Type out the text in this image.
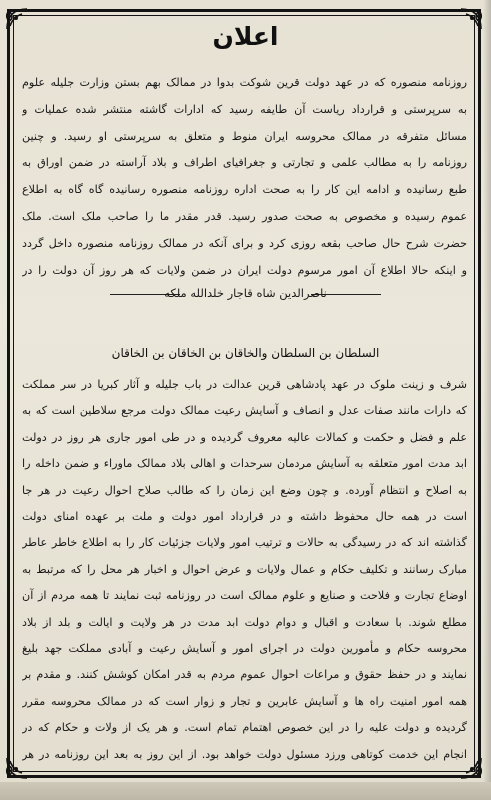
اعلان

روزنامه منصوره که در عهد دولت قرین شوکت بدوا در ممالک بهم بستن وزارت جلیله علوم به سرپرستی و قرارداد ریاست آن طایفه رسید که ادارات گاشته منتشر شده عملیات و مسائل متفرقه در ممالک محروسه ایران منوط و متعلق به سرپرستی او رسید. و چنین روزنامه را به مطالب علمی و تجارتی و جغرافیای اطراف و بلاد آراسته در ضمن اوراق به طبع رسانیده و ادامه این کار را به صحت اداره روزنامه منصوره رسانیده گاه گاه به اطلاع عموم رسیده و مخصوص به صحت صدور رسید. قدر مقدر ما را صاحب ملک است. ملک حضرت شرح حال صاحب بقعه روزی کرد و برای آنکه در ممالک روزنامه منصوره داخل گردد و اینکه حالا اطلاع آن امور مرسوم دولت ایران در ضمن ولایات که هر روز آن دولت را در

ناصرالدین شاه قاجار خلدالله ملکه
السلطان بن السلطان والخاقان بن الخاقان بن الخاقان

شرف و زینت ملوک در عهد پادشاهی قرین عدالت در باب جلیله و آثار کبریا در سر مملکت که دارات مانند صفات عدل و انصاف و آسایش رعیت ممالک دولت مرجع سلاطین است که به علم و فضل و حکمت و کمالات عالیه معروف گردیده و در طی امور جاری هر روز در دولت ابد مدت امور متعلقه به آسایش مردمان سرحدات و اهالی بلاد ممالک ماوراء و ضمن داخله را به اصلاح و انتظام آورده. و چون وضع این زمان را که طالب صلاح احوال رعیت در هر جا است در همه حال محفوظ داشته و در قرارداد امور دولت و ملت بر عهده امنای دولت گذاشته اند که در رسیدگی به حالات و ترتیب امور ولایات جزئیات کار را به اطلاع خاطر عاطر مبارک رسانند و تکلیف حکام و عمال ولایات و عرض احوال و اخبار هر محل را که مرتبط به اوضاع تجارت و فلاحت و صنایع و علوم ممالک است در روزنامه ثبت نمایند تا همه مردم از آن مطلع شوند. با سعادت و اقبال و دوام دولت ابد مدت در هر ولایت و ایالت و بلد از بلاد محروسه حکام و مأمورین دولت در اجرای امور و آسایش رعیت و آبادی مملکت جهد بلیغ نمایند و در حفظ حقوق و مراعات احوال عموم مردم به قدر امکان کوشش کنند. و مقدم بر همه امور امنیت راه ها و آسایش عابرین و تجار و زوار است که در ممالک محروسه مقرر گردیده و دولت علیه را در این خصوص اهتمام تمام است. و هر یک از ولات و حکام که در انجام این خدمت کوتاهی ورزد مسئول دولت خواهد بود. از این روز به بعد این روزنامه در هر
